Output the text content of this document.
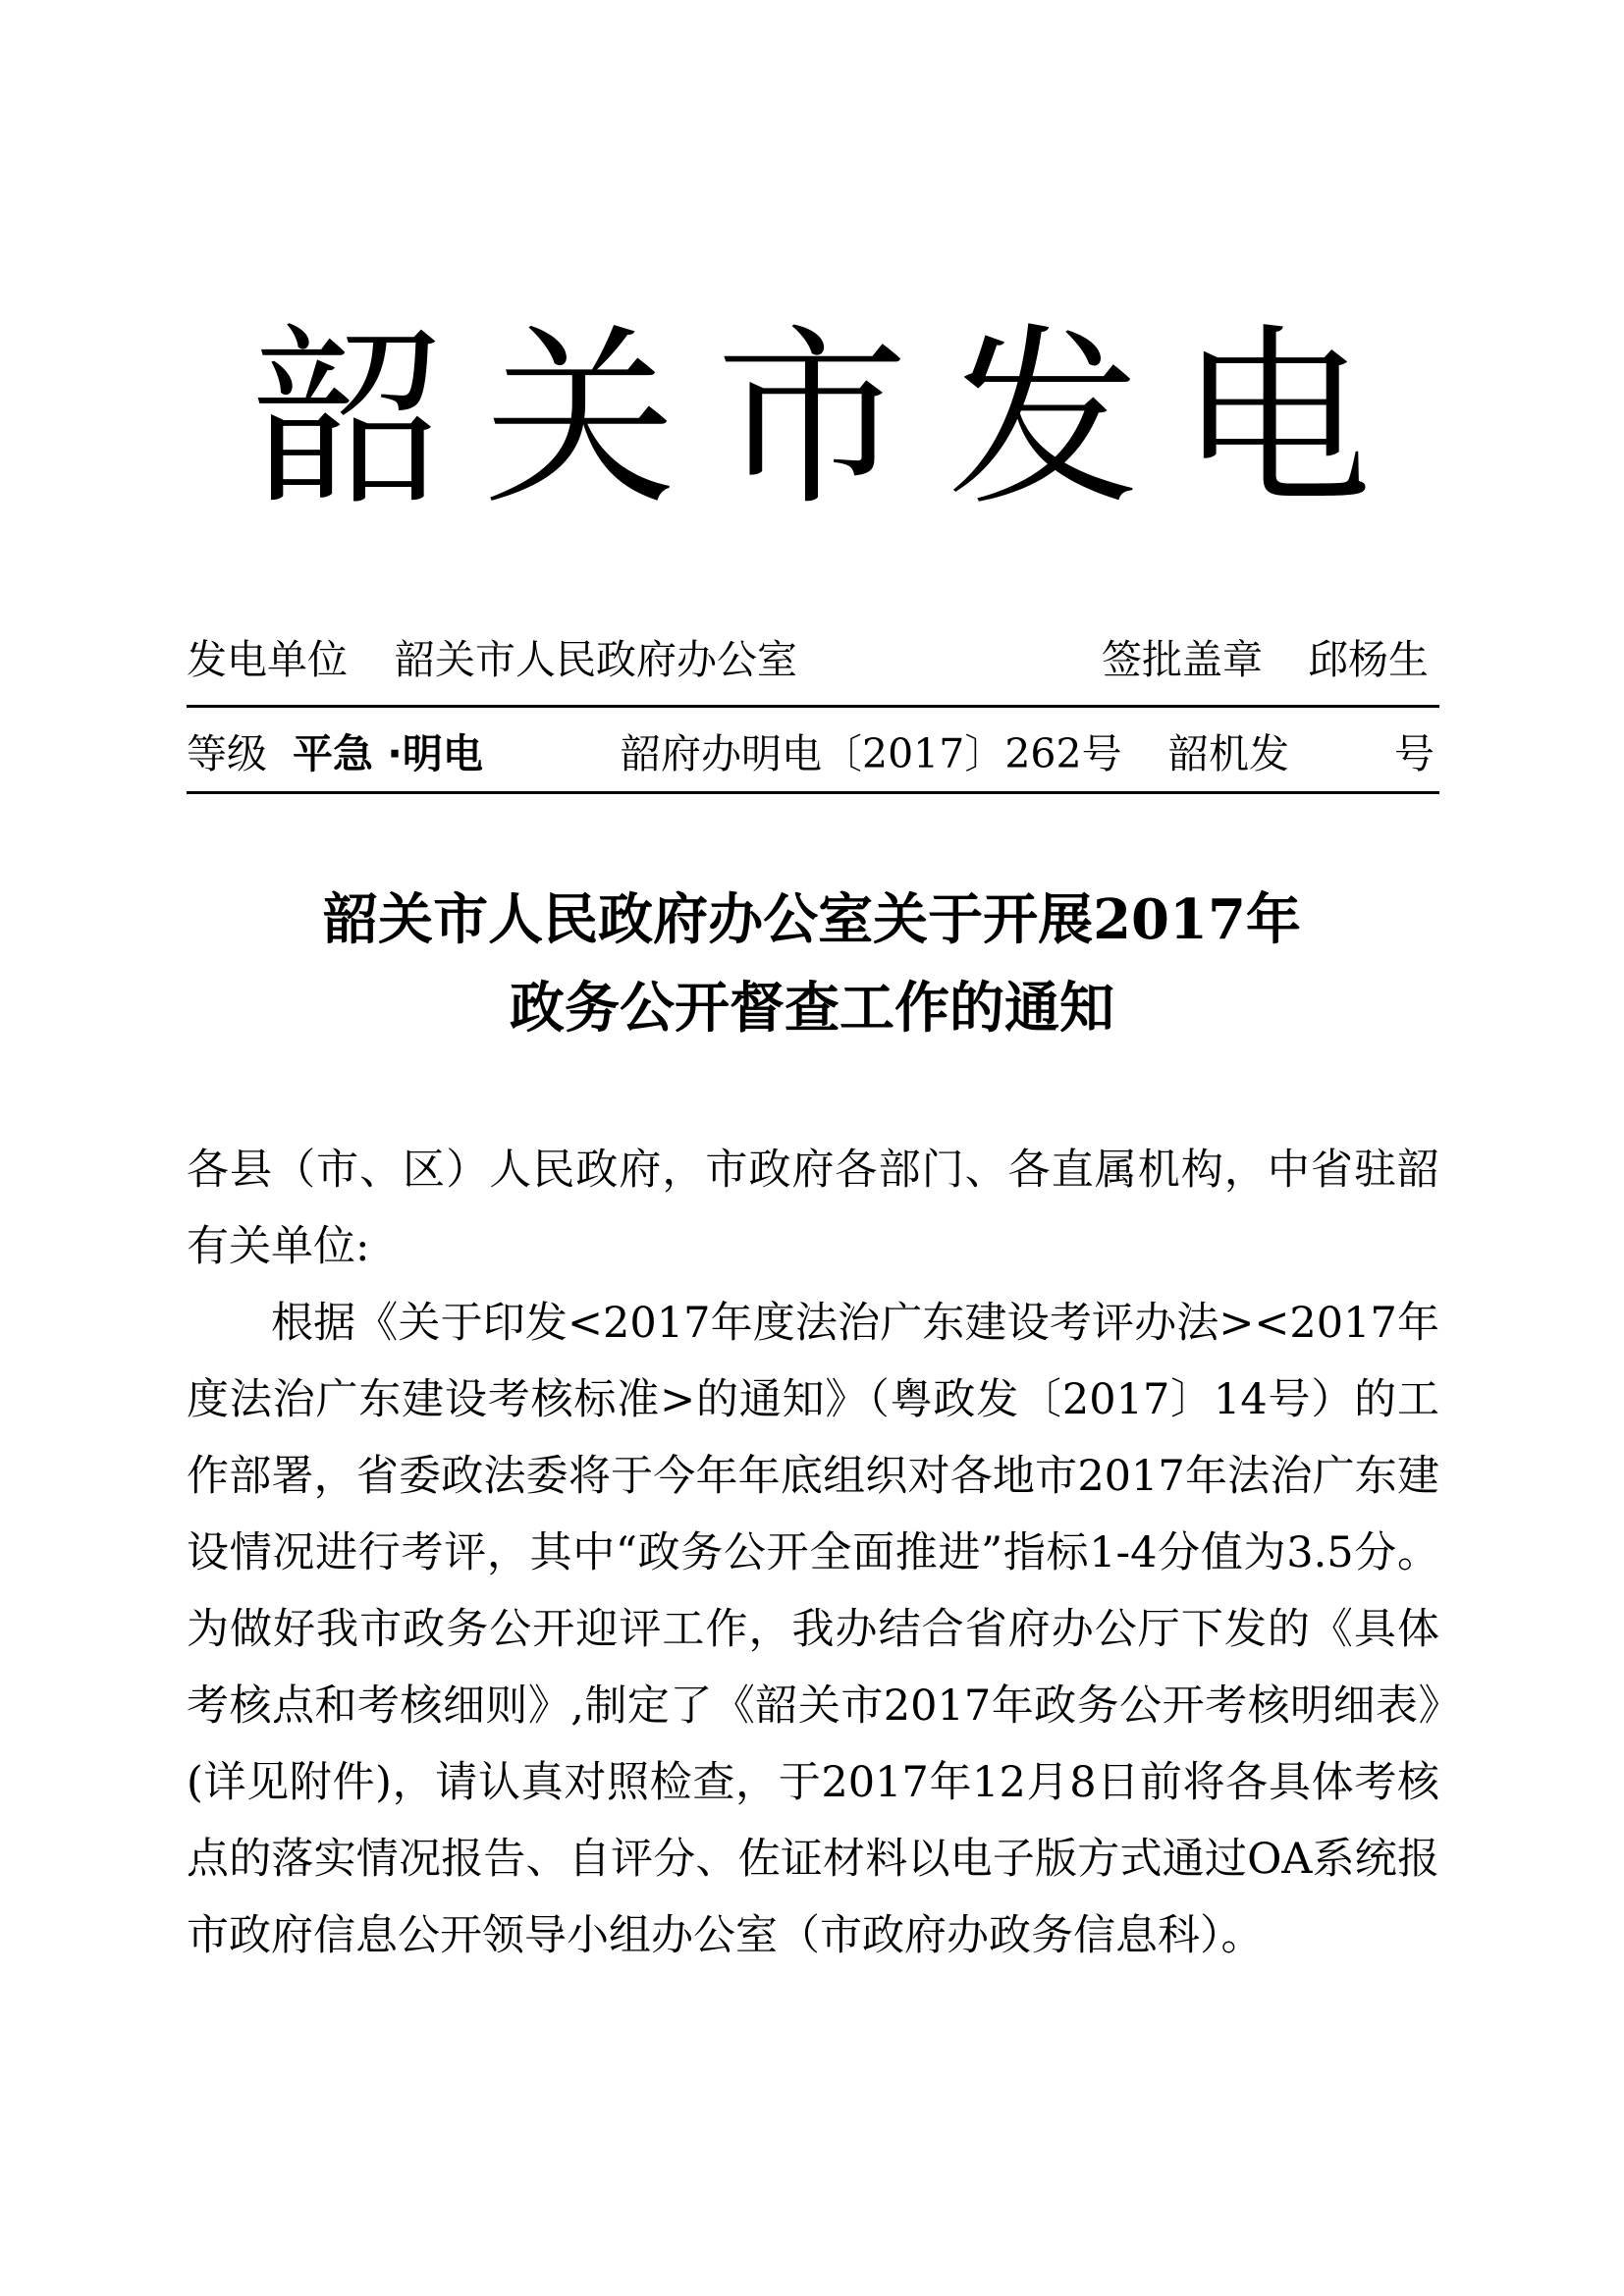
韶关市发电
发电单位 韶关市人民政府办公室	签批盖章 邱杨生
等级 平急 ·明电	韶府办明电〔2017〕262号 韶机发	号
韶关市人民政府办公室关于开展2017年
政务公开督查工作的通知
各县（市、区）人民政府，市政府各部门、各直属机构，中省驻韶有关单位:
根据《关于印发<2017年度法治广东建设考评办法><2017年度法治广东建设考核标准>的通知》（粤政发〔2017〕14号）的工作部署，省委政法委将于今年年底组织对各地市2017年法治广东建设情况进行考评，其中“政务公开全面推进”指标1-4分值为3.5分。为做好我市政务公开迎评工作，我办结合省府办公厅下发的《具体考核点和考核细则》,制定了《韶关市2017年政务公开考核明细表》(详见附件)，请认真对照检查，于2017年12月8日前将各具体考核点的落实情况报告、自评分、佐证材料以电子版方式通过OA系统报市政府信息公开领导小组办公室（市政府办政务信息科）。
